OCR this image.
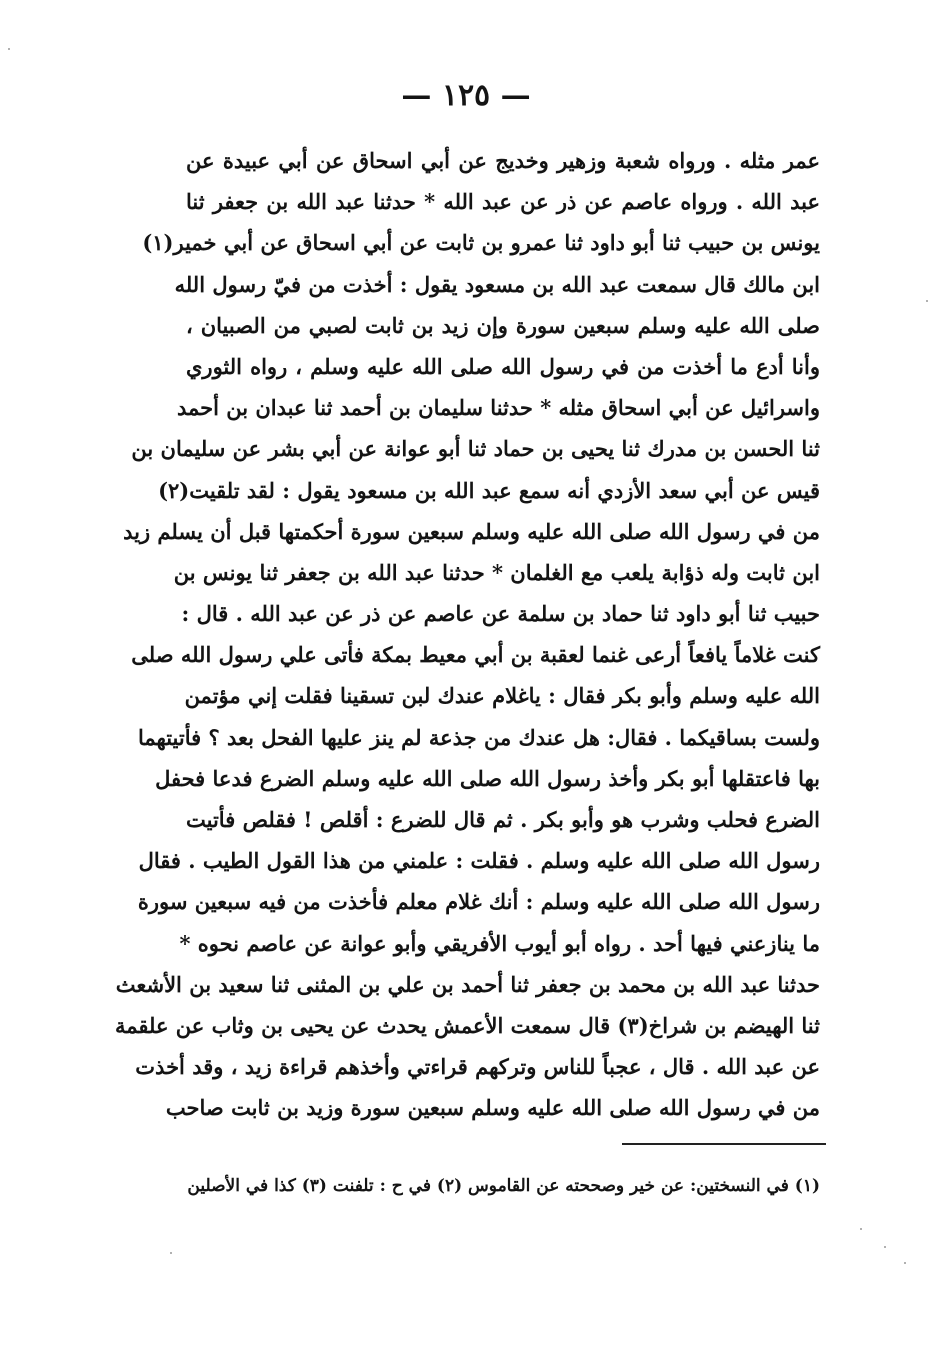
— ١٢٥ —
عمر مثله . ورواه شعبة وزهير وخديج عن أبي اسحاق عن أبي عبيدة عن
عبد الله . ورواه عاصم عن ذر عن عبد الله * حدثنا عبد الله بن جعفر ثنا
يونس بن حبيب ثنا أبو داود ثنا عمرو بن ثابت عن أبي اسحاق عن أبي خمير(١)
ابن مالك قال سمعت عبد الله بن مسعود يقول : أخذت من فيّ رسول الله
صلى الله عليه وسلم سبعين سورة وإن زيد بن ثابت لصبي من الصبيان ،
وأنا أدع ما أخذت من في رسول الله صلى الله عليه وسلم ، رواه الثوري
واسرائيل عن أبي اسحاق مثله * حدثنا سليمان بن أحمد ثنا عبدان بن أحمد
ثنا الحسن بن مدرك ثنا يحيى بن حماد ثنا أبو عوانة عن أبي بشر عن سليمان بن
قيس عن أبي سعد الأزدي أنه سمع عبد الله بن مسعود يقول : لقد تلقيت(٢)
من في رسول الله صلى الله عليه وسلم سبعين سورة أحكمتها قبل أن يسلم زيد
ابن ثابت وله ذؤابة يلعب مع الغلمان * حدثنا عبد الله بن جعفر ثنا يونس بن
حبيب ثنا أبو داود ثنا حماد بن سلمة عن عاصم عن ذر عن عبد الله . قال :
كنت غلاماً يافعاً أرعى غنما لعقبة بن أبي معيط بمكة فأتى علي رسول الله صلى
الله عليه وسلم وأبو بكر فقال : ياغلام عندك لبن تسقينا فقلت إني مؤتمن
ولست بساقيكما . فقال: هل عندك من جذعة لم ينز عليها الفحل بعد ؟ فأتيتهما
بها فاعتقلها أبو بكر وأخذ رسول الله صلى الله عليه وسلم الضرع فدعا فحفل
الضرع فحلب وشرب هو وأبو بكر . ثم قال للضرع : أقلص ! فقلص فأتيت
رسول الله صلى الله عليه وسلم . فقلت : علمني من هذا القول الطيب . فقال
رسول الله صلى الله عليه وسلم : أنك غلام معلم فأخذت من فيه سبعين سورة
ما ينازعني فيها أحد . رواه أبو أيوب الأفريقي وأبو عوانة عن عاصم نحوه *
حدثنا عبد الله بن محمد بن جعفر ثنا أحمد بن علي بن المثنى ثنا سعيد بن الأشعث
ثنا الهيضم بن شراخ(٣) قال سمعت الأعمش يحدث عن يحيى بن وثاب عن علقمة
عن عبد الله . قال ، عجباً للناس وتركهم قراءتي وأخذهم قراءة زيد ، وقد أخذت
من في رسول الله صلى الله عليه وسلم سبعين سورة وزيد بن ثابت صاحب
(١) في النسختين: عن خير وصححته عن القاموس (٢) في ح : تلفنت (٣) كذا في الأصلين
